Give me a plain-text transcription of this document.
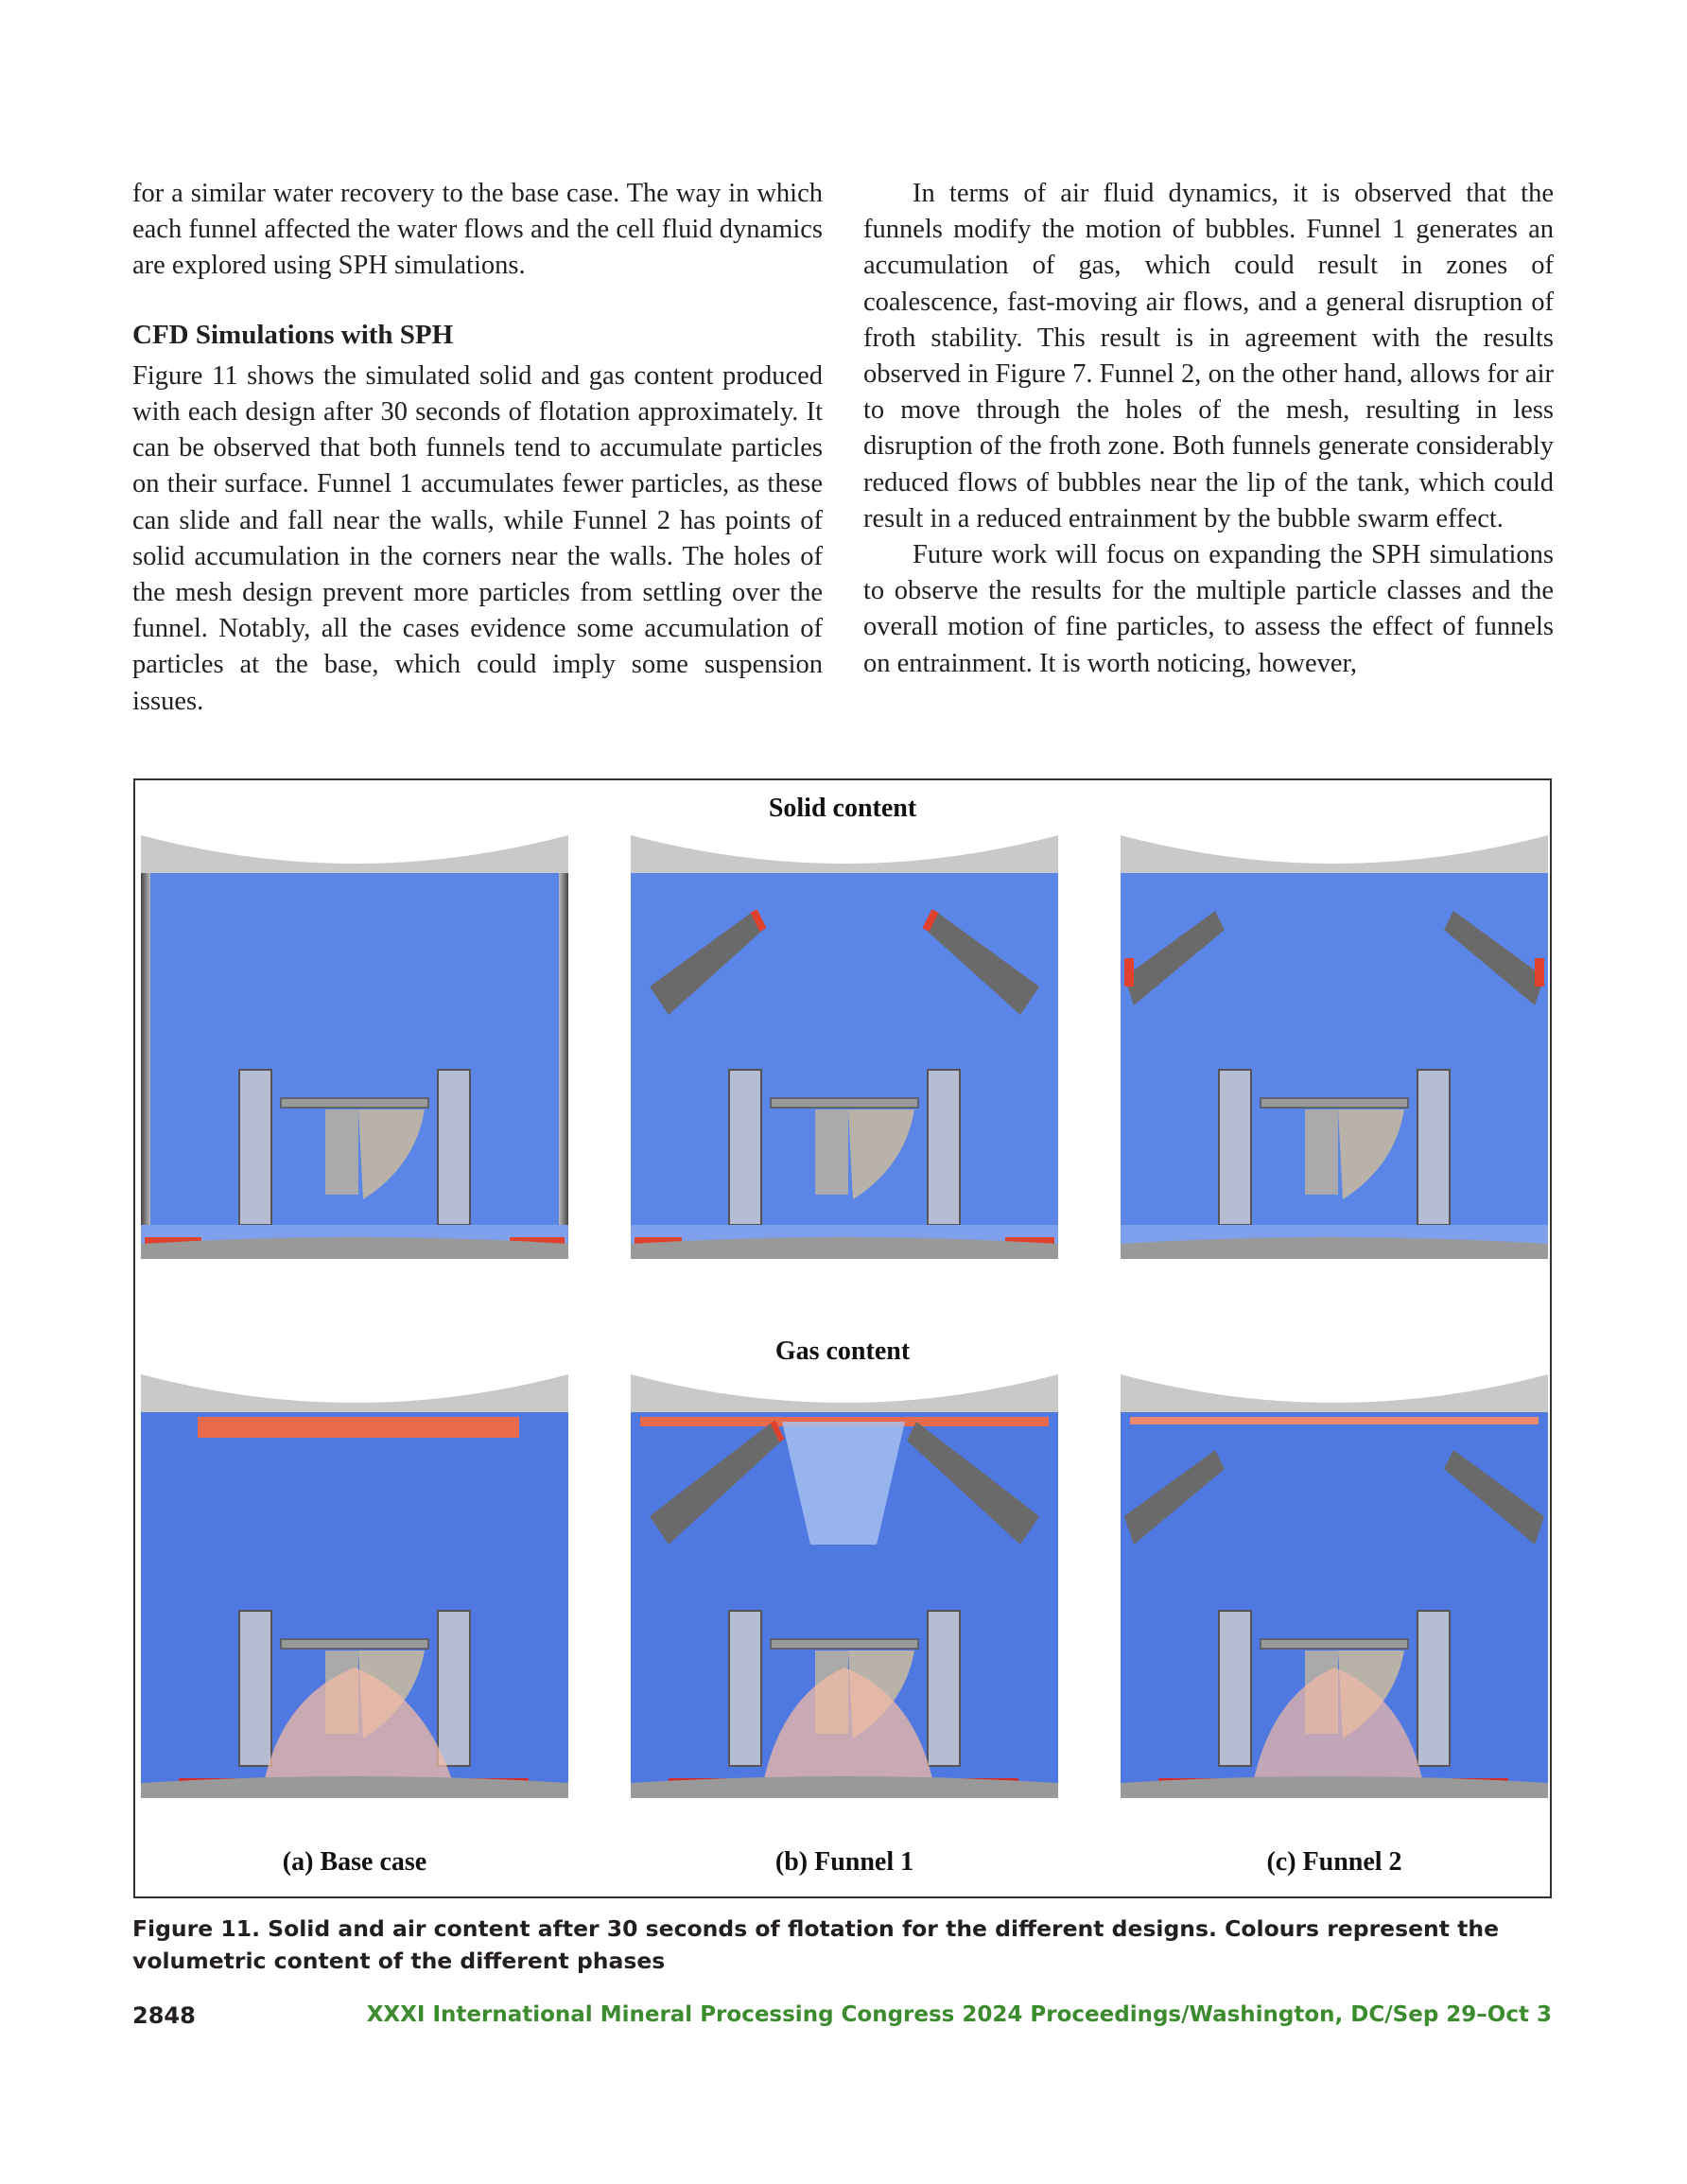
for a similar water recovery to the base case. The way in which each funnel affected the water flows and the cell fluid dynamics are explored using SPH simulations.

CFD Simulations with SPH

Figure 11 shows the simulated solid and gas content produced with each design after 30 seconds of flotation approximately. It can be observed that both funnels tend to accumulate particles on their surface. Funnel 1 accumulates fewer particles, as these can slide and fall near the walls, while Funnel 2 has points of solid accumulation in the corners near the walls. The holes of the mesh design prevent more particles from settling over the funnel. Notably, all the cases evidence some accumulation of particles at the base, which could imply some suspension issues.

In terms of air fluid dynamics, it is observed that the funnels modify the motion of bubbles. Funnel 1 generates an accumulation of gas, which could result in zones of coalescence, fast-moving air flows, and a general disruption of froth stability. This result is in agreement with the results observed in Figure 7. Funnel 2, on the other hand, allows for air to move through the holes of the mesh, resulting in less disruption of the froth zone. Both funnels generate considerably reduced flows of bubbles near the lip of the tank, which could result in a reduced entrainment by the bubble swarm effect.

Future work will focus on expanding the SPH simulations to observe the results for the multiple particle classes and the overall motion of fine particles, to assess the effect of funnels on entrainment. It is worth noticing, however,

Solid content
Gas content
(a) Base case	(b) Funnel 1	(c) Funnel 2
Figure 11. Solid and air content after 30 seconds of flotation for the different designs. Colours represent the volumetric content of the different phases
2848	XXXI International Mineral Processing Congress 2024 Proceedings/Washington, DC/Sep 29–Oct 3
